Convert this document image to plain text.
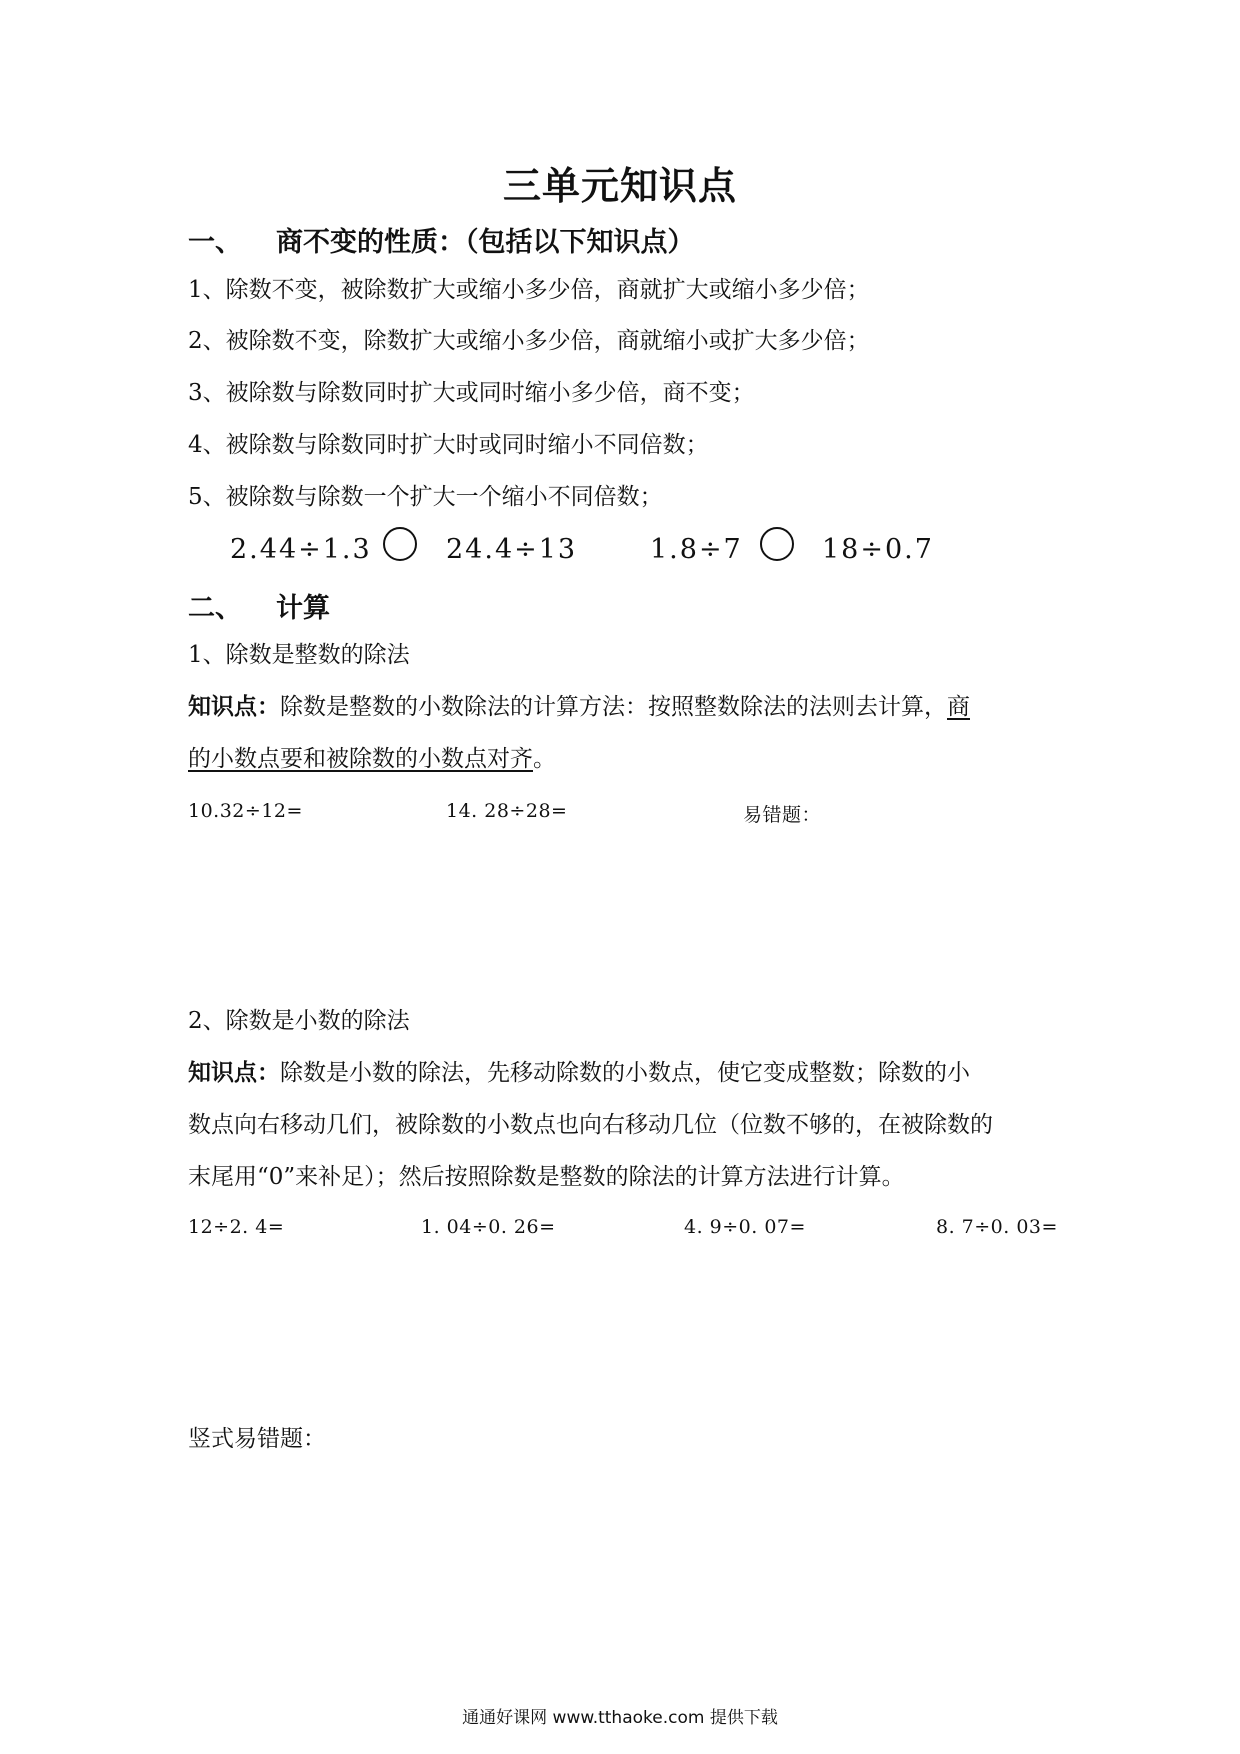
三单元知识点
一、 商不变的性质：（包括以下知识点）
1、除数不变，被除数扩大或缩小多少倍，商就扩大或缩小多少倍；
2、被除数不变，除数扩大或缩小多少倍，商就缩小或扩大多少倍；
3、被除数与除数同时扩大或同时缩小多少倍，商不变；
4、被除数与除数同时扩大时或同时缩小不同倍数；
5、被除数与除数一个扩大一个缩小不同倍数；
2.44÷1.3	24.4÷13	1.8÷7	18÷0.7
二、 计算
1、除数是整数的除法
知识点：除数是整数的小数除法的计算方法：按照整数除法的法则去计算，商
的小数点要和被除数的小数点对齐。
10.32÷12=	14. 28÷28=	易错题：
2、除数是小数的除法
知识点：除数是小数的除法，先移动除数的小数点，使它变成整数；除数的小
数点向右移动几们，被除数的小数点也向右移动几位（位数不够的，在被除数的
末尾用“0”来补足）；然后按照除数是整数的除法的计算方法进行计算。
12÷2. 4=	1. 04÷0. 26=	4. 9÷0. 07=	8. 7÷0. 03=
竖式易错题：
通通好课网 www.tthaoke.com 提供下载
